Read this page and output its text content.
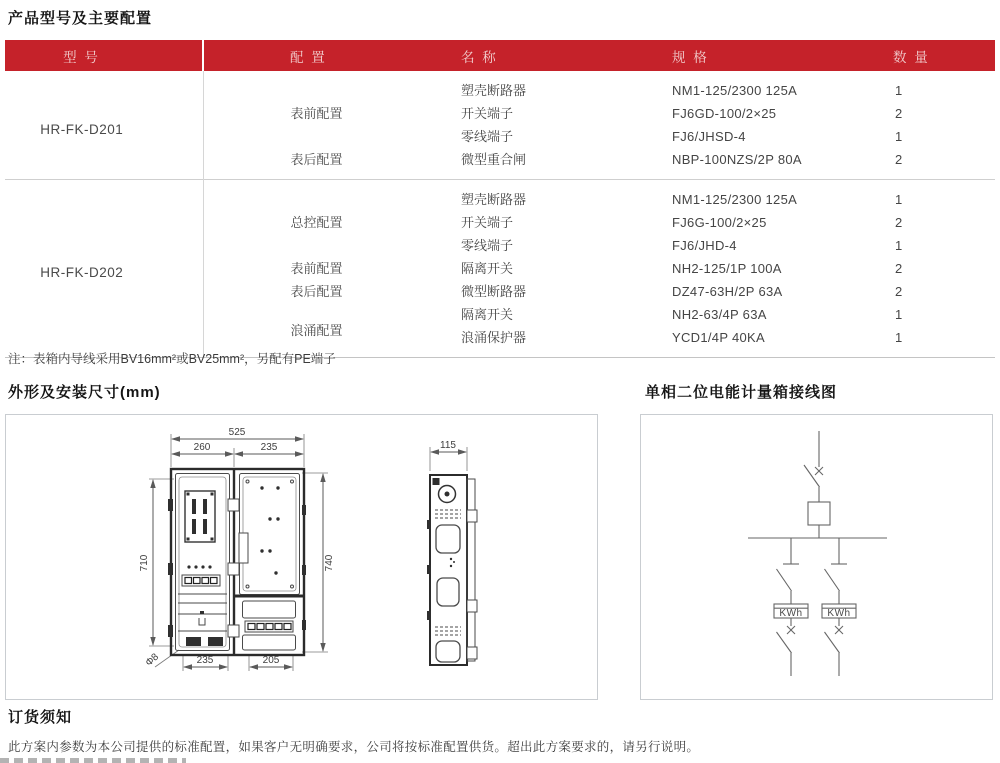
产品型号及主要配置
型 号	配 置	名 称	规 格	数 量
HR-FK-D201	表前配置	塑壳断路器	NM1-125/2300 125A	1
		开关端子	FJ6GD-100/2×25	2
		零线端子	FJ6/JHSD-4	1
	表后配置	微型重合闸	NBP-100NZS/2P 80A	2
HR-FK-D202	总控配置	塑壳断路器	NM1-125/2300 125A	1
		开关端子	FJ6G-100/2×25	2
		零线端子	FJ6/JHD-4	1
	表前配置	隔离开关	NH2-125/1P 100A	2
	表后配置	微型断路器	DZ47-63H/2P 63A	2
	浪涌配置	隔离开关	NH2-63/4P 63A	1
		浪涌保护器	YCD1/4P 40KA	1
注：表箱内导线采用BV16mm²或BV25mm²，另配有PE端子
外形及安装尺寸(mm)	单相二位电能计量箱接线图
525
260	235
710	740
235	205
Φ8
115
KWh KWh
订货须知
此方案内参数为本公司提供的标准配置，如果客户无明确要求，公司将按标准配置供货。超出此方案要求的，请另行说明。
